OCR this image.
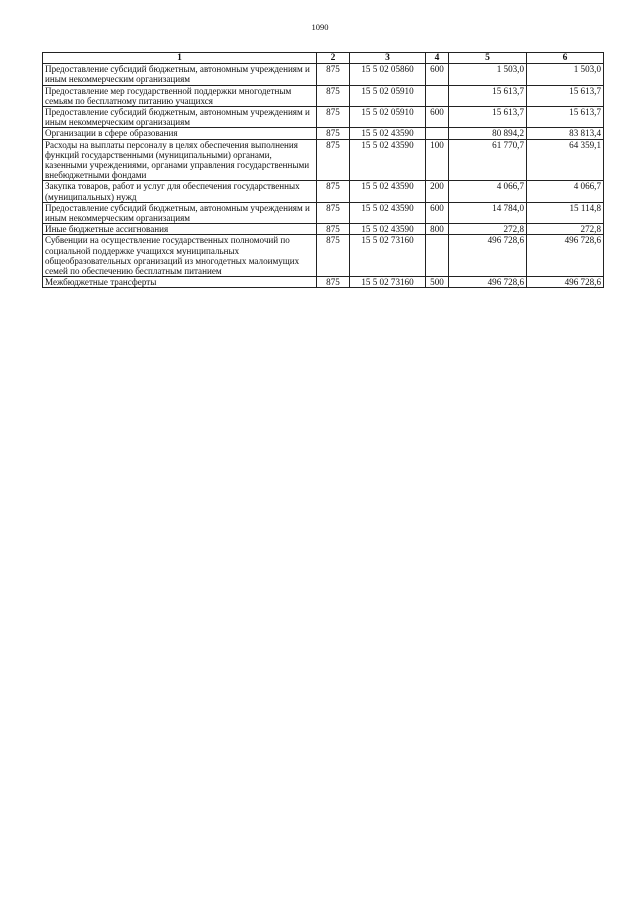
1090
1	2	3	4	5	6
Предоставление субсидий бюджетным, автономным учреждениям и иным некоммерческим организациям	875	15 5 02 05860	600	1 503,0	1 503,0
Предоставление мер государственной поддержки многодетным семьям по бесплатному питанию учащихся	875	15 5 02 05910		15 613,7	15 613,7
Предоставление субсидий бюджетным, автономным учреждениям и иным некоммерческим организациям	875	15 5 02 05910	600	15 613,7	15 613,7
Организации в сфере образования	875	15 5 02 43590		80 894,2	83 813,4
Расходы на выплаты персоналу в целях обеспечения выполнения функций государственными (муниципальными) органами, казенными учреждениями, органами управления государственными внебюджетными фондами	875	15 5 02 43590	100	61 770,7	64 359,1
Закупка товаров, работ и услуг для обеспечения государственных (муниципальных) нужд	875	15 5 02 43590	200	4 066,7	4 066,7
Предоставление субсидий бюджетным, автономным учреждениям и иным некоммерческим организациям	875	15 5 02 43590	600	14 784,0	15 114,8
Иные бюджетные ассигнования	875	15 5 02 43590	800	272,8	272,8
Субвенции на осуществление государственных полномочий по социальной поддержке учащихся муниципальных общеобразовательных организаций из многодетных малоимущих семей по обеспечению бесплатным питанием	875	15 5 02 73160		496 728,6	496 728,6
Межбюджетные трансферты	875	15 5 02 73160	500	496 728,6	496 728,6
